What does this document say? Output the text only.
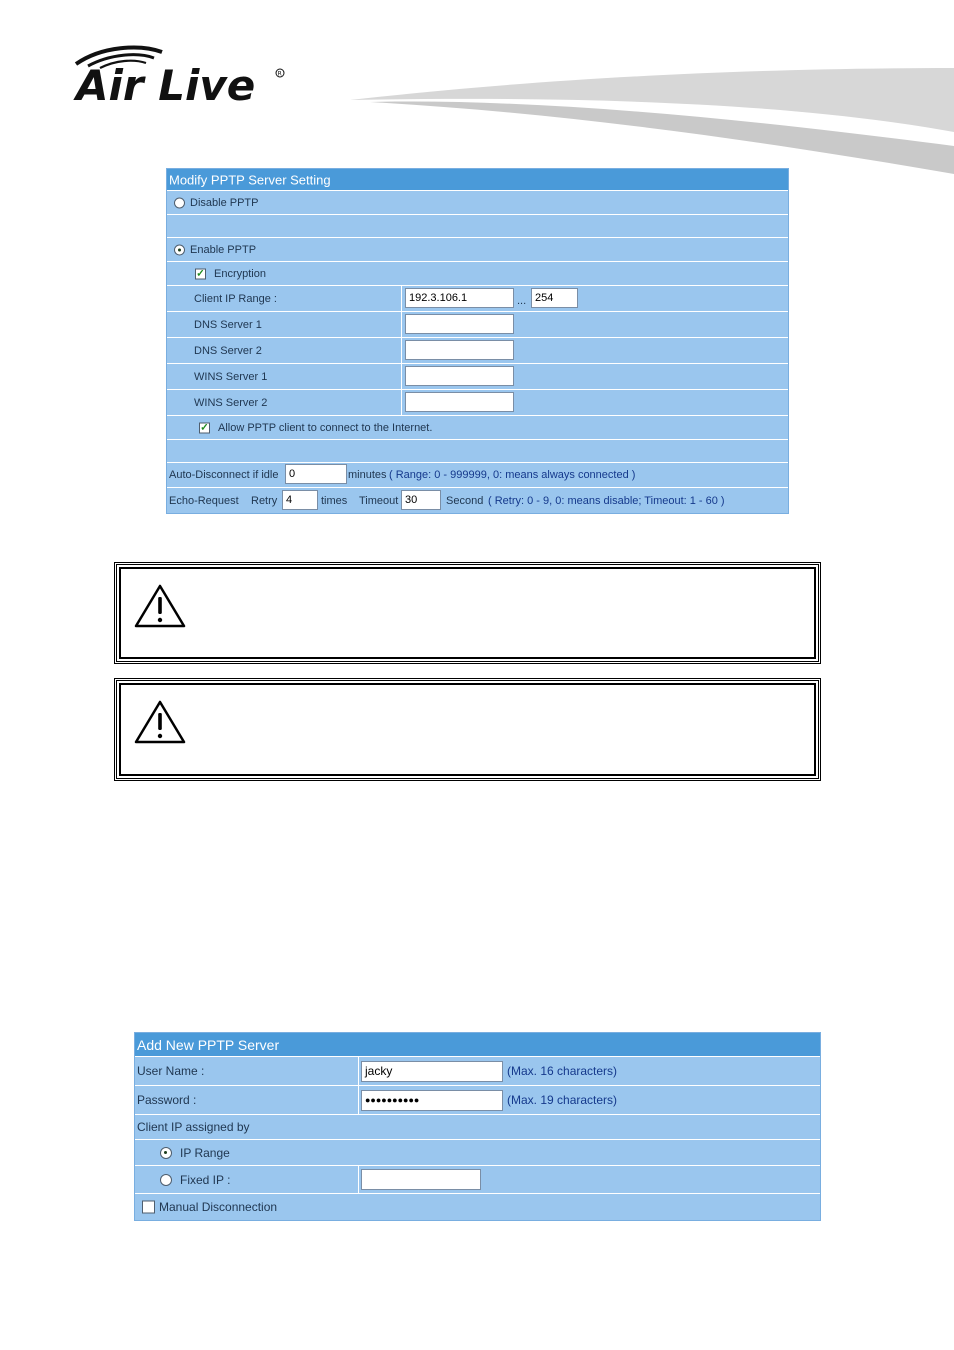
Air Live	R
Modify PPTP Server Setting
Disable PPTP
Enable PPTP
✓ Encryption
Client IP Range :	192.3.106.1	... 254
DNS Server 1
DNS Server 2
WINS Server 1
WINS Server 2
✓ Allow PPTP client to connect to the Internet.
Auto-Disconnect if idle 0	minutes ( Range: 0 - 999999, 0: means always connected )
Echo-Request Retry 4	times Timeout 30	Second ( Retry: 0 - 9, 0: means disable; Timeout: 1 - 60 )
Add New PPTP Server
User Name :	jacky	(Max. 16 characters)
Password :	●●●●●●●●●●	(Max. 19 characters)
Client IP assigned by
IP Range
Fixed IP :
Manual Disconnection
